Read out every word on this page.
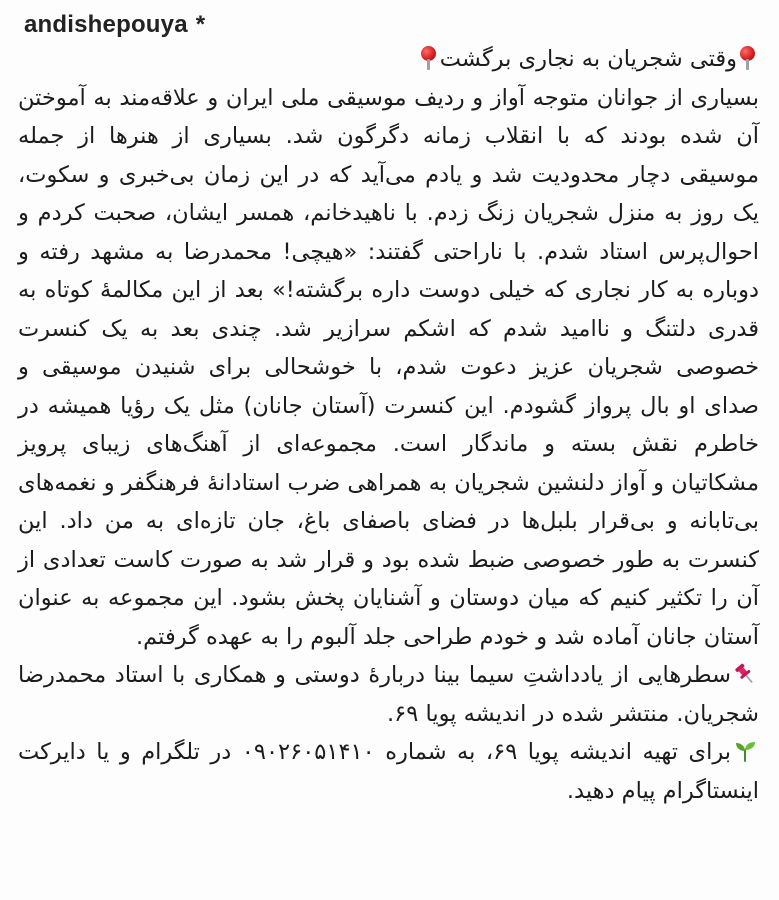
andishepouya *

وقتی شجریان به نجاری برگشت

بسیاری از جوانان متوجه آواز و ردیف موسیقی ملی ایران و علاقه‌مند به آموختن آن شده بودند که با انقلاب زمانه دگرگون شد. بسیاری از هنرها از جمله موسیقی دچار محدودیت شد و یادم می‌آید که در این زمان بی‌خبری و سکوت، یک روز به منزل شجریان زنگ زدم. با ناهیدخانم، همسر ایشان، صحبت کردم و احوال‌پرس استاد شدم. با ناراحتی گفتند: «هیچی! محمدرضا به مشهد رفته و دوباره به کار نجاری که خیلی دوست داره برگشته!» بعد از این مکالمهٔ کوتاه به قدری دلتنگ و ناامید شدم که اشکم سرازیر شد. چندی بعد به یک کنسرت خصوصی شجریان عزیز دعوت شدم، با خوشحالی برای شنیدن موسیقی و صدای او بال پرواز گشودم. این کنسرت (آستان جانان) مثل یک رؤیا همیشه در خاطرم نقش بسته و ماندگار است. مجموعه‌ای از آهنگ‌های زیبای پرویز مشکاتیان و آواز دلنشین شجریان به همراهی ضرب استادانهٔ فرهنگفر و نغمه‌های بی‌تابانه و بی‌قرار بلبل‌ها در فضای باصفای باغ، جان تازه‌ای به من داد. این کنسرت به طور خصوصی ضبط شده بود و قرار شد به صورت کاست تعدادی از آن را تکثیر کنیم که میان دوستان و آشنایان پخش بشود. این مجموعه به عنوان آستان جانان آماده شد و خودم طراحی جلد آلبوم را به عهده گرفتم.

سطرهایی از یادداشتِ سیما بینا دربارهٔ دوستی و همکاری با استاد محمدرضا شجریان. منتشر شده در اندیشه پویا ۶۹.

برای تهیه اندیشه پویا ۶۹، به شماره ۰۹۰۲۶۰۵۱۴۱۰ در تلگرام و یا دایرکت اینستاگرام پیام دهید.
